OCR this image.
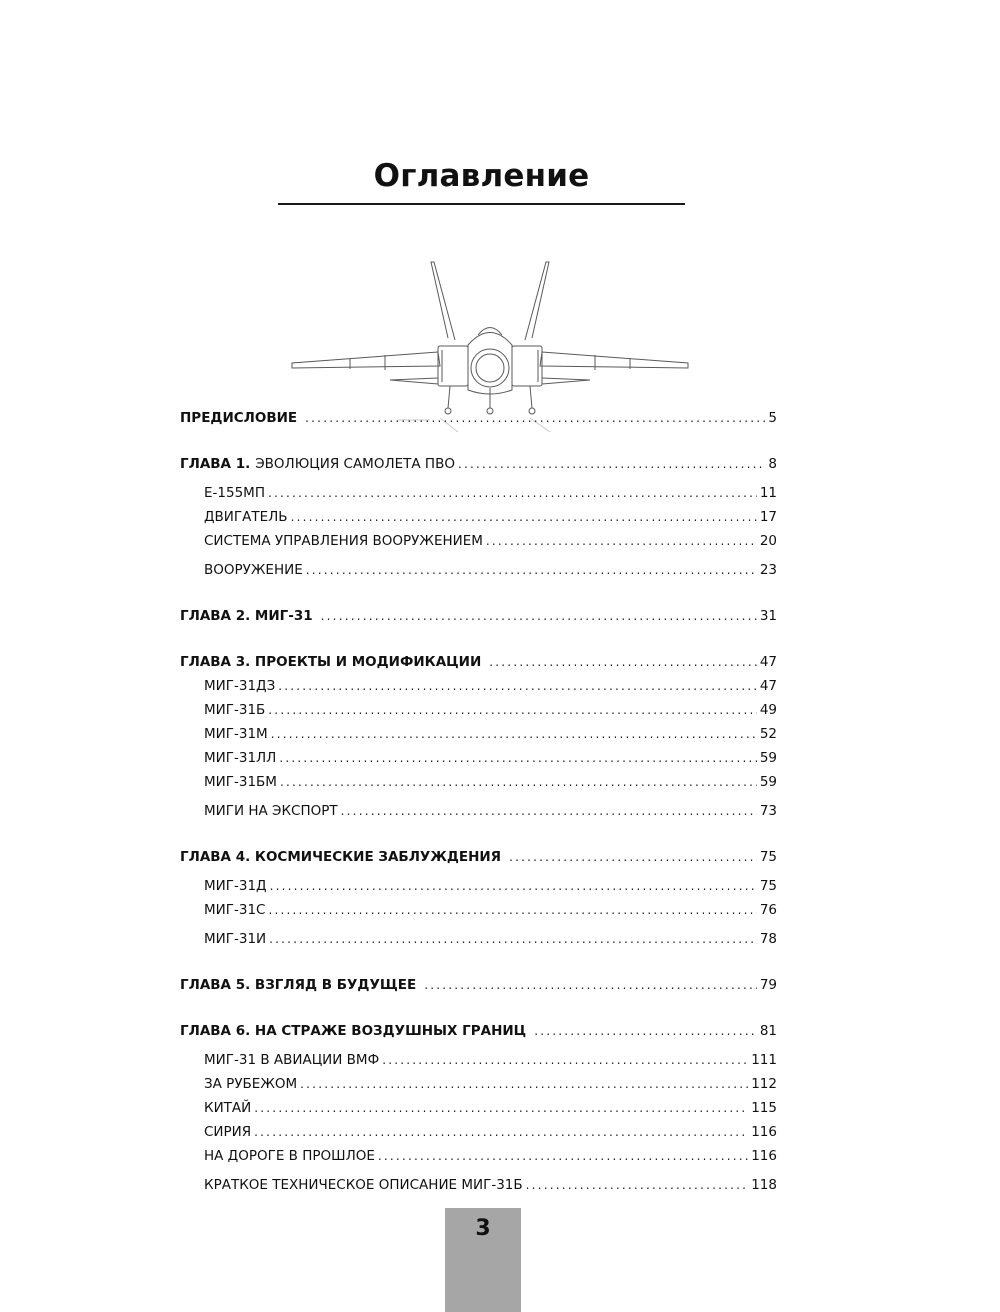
Оглавление
ПРЕДИСЛОВИЕ .....	5
ГЛАВА 1. ЭВОЛЮЦИЯ САМОЛЕТА ПВО .....	8
Е-155МП .....	11
ДВИГАТЕЛЬ .....	17
СИСТЕМА УПРАВЛЕНИЯ ВООРУЖЕНИЕМ .....	20
ВООРУЖЕНИЕ .....	23
ГЛАВА 2. МИГ-31 .....	31
ГЛАВА 3. ПРОЕКТЫ И МОДИФИКАЦИИ .....	47
МИГ-31ДЗ .....	47
МИГ-31Б .....	49
МИГ-31М .....	52
МИГ-31ЛЛ .....	59
МИГ-31БМ .....	59
МИГИ НА ЭКСПОРТ .....	73
ГЛАВА 4. КОСМИЧЕСКИЕ ЗАБЛУЖДЕНИЯ .....	75
МИГ-31Д .....	75
МИГ-31С .....	76
МИГ-31И .....	78
ГЛАВА 5. ВЗГЛЯД В БУДУЩЕЕ .....	79
ГЛАВА 6. НА СТРАЖЕ ВОЗДУШНЫХ ГРАНИЦ .....	81
МИГ-31 В АВИАЦИИ ВМФ .....	111
ЗА РУБЕЖОМ .....	112
КИТАЙ .....	115
СИРИЯ .....	116
НА ДОРОГЕ В ПРОШЛОЕ .....	116
КРАТКОЕ ТЕХНИЧЕСКОЕ ОПИСАНИЕ МИГ-31Б .....	118
3
